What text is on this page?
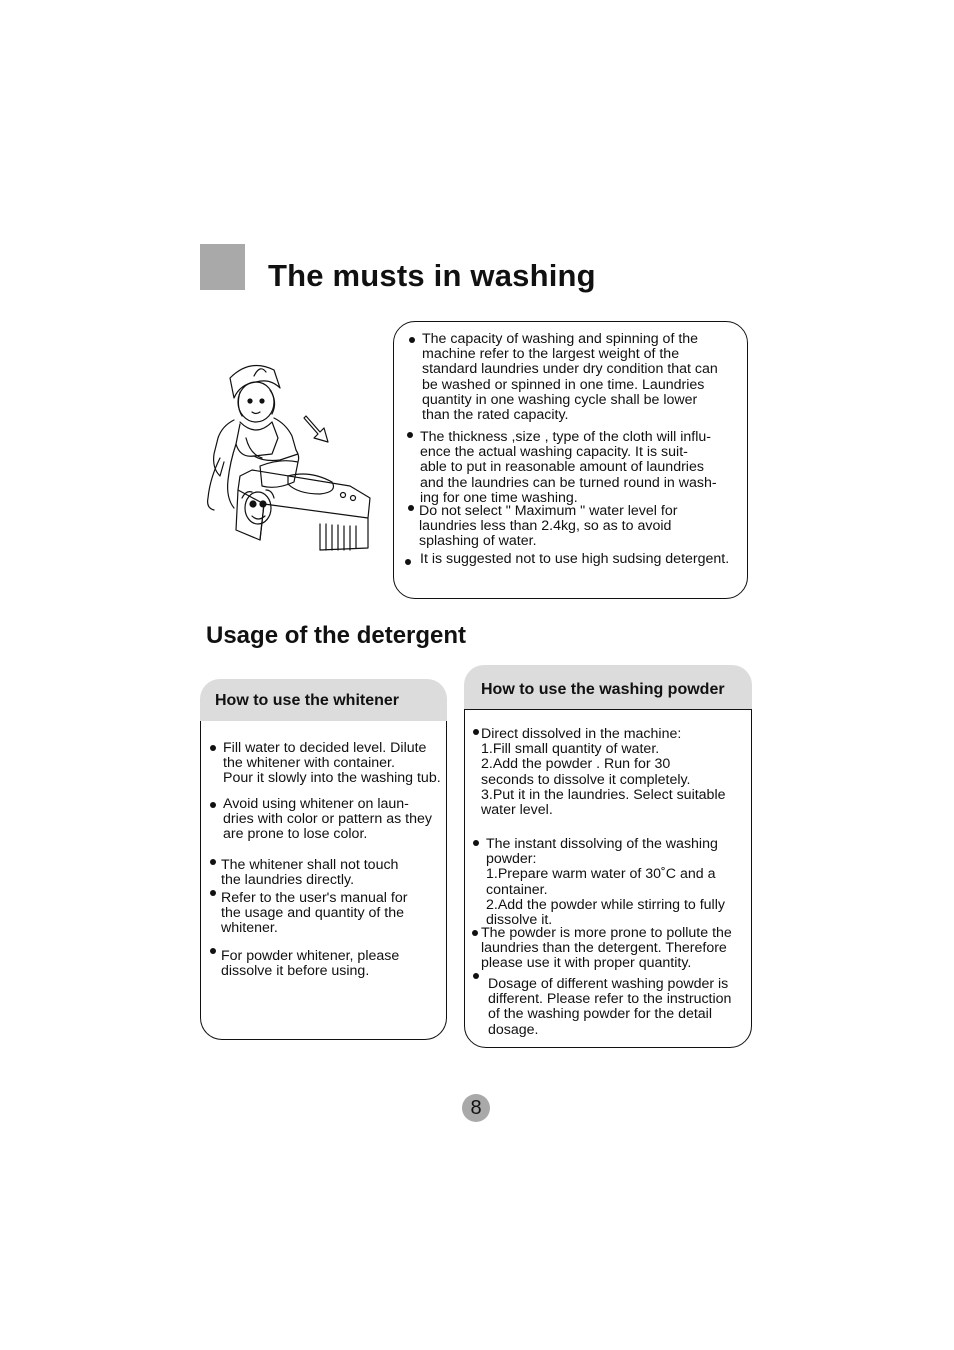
The musts in washing
The capacity of washing and spinning of the
machine refer to the largest weight of the
standard laundries under dry condition that can
be washed or spinned in one time. Laundries
quantity in one washing cycle shall be lower
than the rated capacity.
The thickness ,size , type of the cloth will influ-
ence the actual washing capacity. It is suit-
able to put in reasonable amount of laundries
and the laundries can be turned round in wash-
ing for one time washing.
Do not select " Maximum " water level for
laundries less than 2.4kg, so as to avoid
splashing of water.
It is suggested not to use high sudsing detergent.
Usage of the detergent
How to use the whitener
Fill water to decided level. Dilute
the whitener with container.
Pour it slowly into the washing tub.
Avoid using whitener on laun-
dries with color or pattern as they
are prone to lose color.
The whitener shall not touch
the laundries directly.
Refer to the user's manual for
the usage and quantity of the
whitener.
For powder whitener, please
dissolve it before using.
How to use the washing powder
Direct dissolved in the machine:
1.Fill small quantity of water.
2.Add the powder . Run for 30
seconds to dissolve it completely.
3.Put it in the laundries. Select suitable
water level.
The instant dissolving of the washing
powder:
1.Prepare warm water of 30˚C and a
container.
2.Add the powder while stirring to fully
dissolve it.
The powder is more prone to pollute the
laundries than the detergent. Therefore
please use it with proper quantity.
Dosage of different washing powder is
different. Please refer to the instruction
of the washing powder for the detail
dosage.
8
